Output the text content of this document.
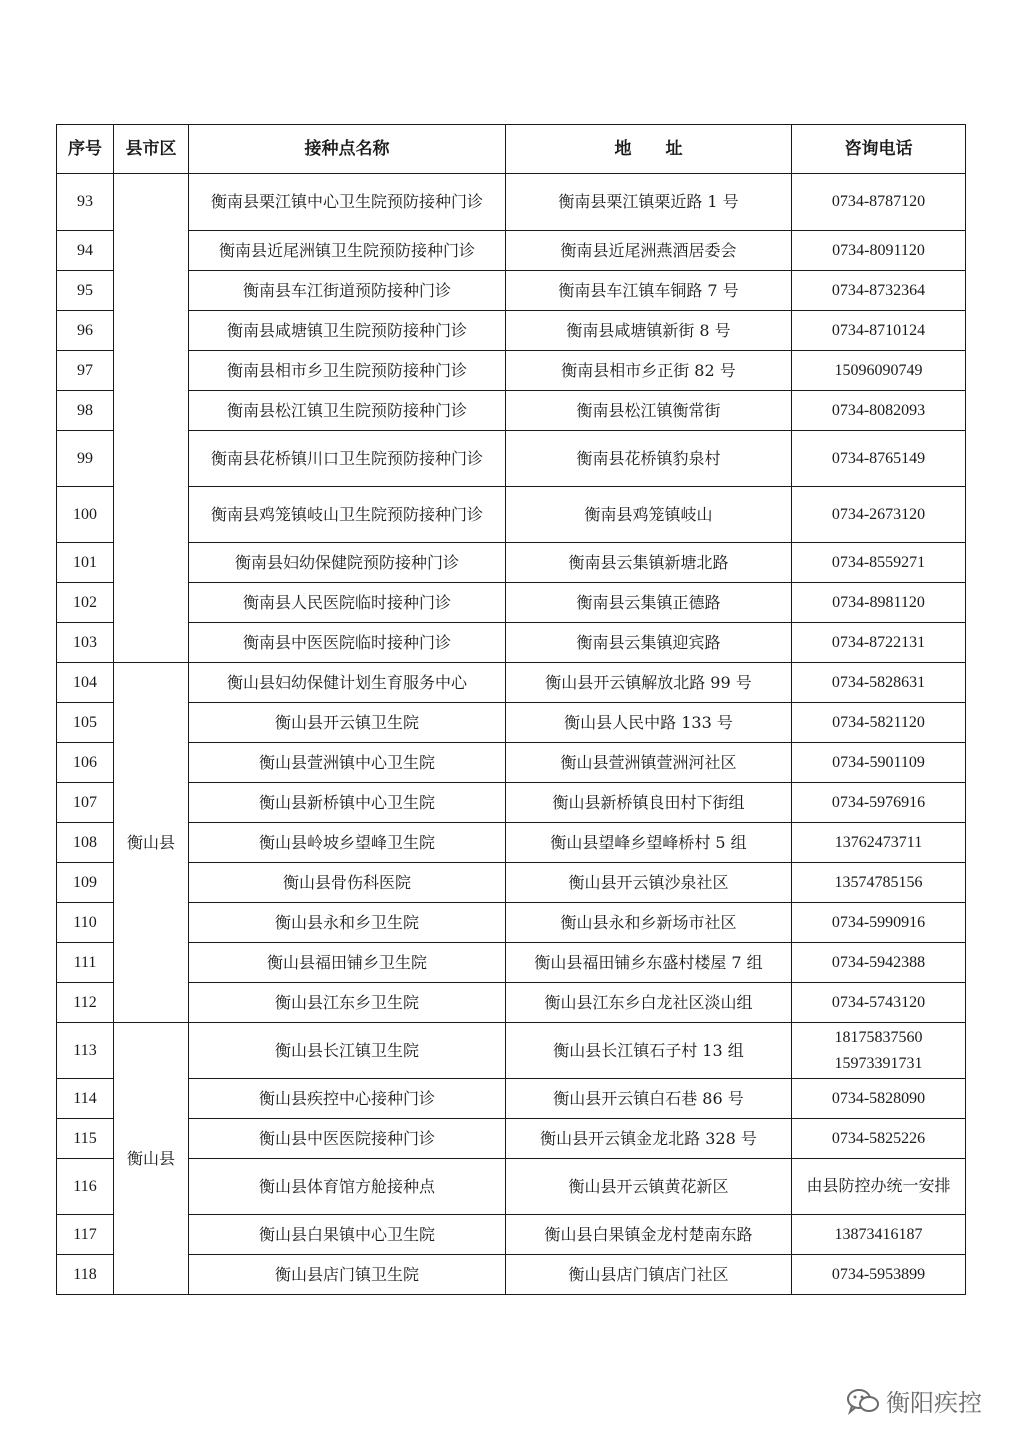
序号	县市区	接种点名称	地　　址	咨询电话
93		衡南县栗江镇中心卫生院预防接种门诊	衡南县栗江镇栗近路 1 号	0734-8787120
94		衡南县近尾洲镇卫生院预防接种门诊	衡南县近尾洲燕酒居委会	0734-8091120
95		衡南县车江街道预防接种门诊	衡南县车江镇车铜路 7 号	0734-8732364
96		衡南县咸塘镇卫生院预防接种门诊	衡南县咸塘镇新街 8 号	0734-8710124
97		衡南县相市乡卫生院预防接种门诊	衡南县相市乡正街 82 号	15096090749
98		衡南县松江镇卫生院预防接种门诊	衡南县松江镇衡常街	0734-8082093
99		衡南县花桥镇川口卫生院预防接种门诊	衡南县花桥镇豹泉村	0734-8765149
100		衡南县鸡笼镇岐山卫生院预防接种门诊	衡南县鸡笼镇岐山	0734-2673120
101		衡南县妇幼保健院预防接种门诊	衡南县云集镇新塘北路	0734-8559271
102		衡南县人民医院临时接种门诊	衡南县云集镇正德路	0734-8981120
103		衡南县中医医院临时接种门诊	衡南县云集镇迎宾路	0734-8722131
104	衡山县	衡山县妇幼保健计划生育服务中心	衡山县开云镇解放北路 99 号	0734-5828631
105		衡山县开云镇卫生院	衡山县人民中路 133 号	0734-5821120
106		衡山县萱洲镇中心卫生院	衡山县萱洲镇萱洲河社区	0734-5901109
107		衡山县新桥镇中心卫生院	衡山县新桥镇良田村下街组	0734-5976916
108		衡山县岭坡乡望峰卫生院	衡山县望峰乡望峰桥村 5 组	13762473711
109		衡山县骨伤科医院	衡山县开云镇沙泉社区	13574785156
110		衡山县永和乡卫生院	衡山县永和乡新场市社区	0734-5990916
111		衡山县福田铺乡卫生院	衡山县福田铺乡东盛村楼屋 7 组	0734-5942388
112		衡山县江东乡卫生院	衡山县江东乡白龙社区淡山组	0734-5743120
113	衡山县	衡山县长江镇卫生院	衡山县长江镇石子村 13 组	18175837560 15973391731
114		衡山县疾控中心接种门诊	衡山县开云镇白石巷 86 号	0734-5828090
115		衡山县中医医院接种门诊	衡山县开云镇金龙北路 328 号	0734-5825226
116		衡山县体育馆方舱接种点	衡山县开云镇黄花新区	由县防控办统一安排
117		衡山县白果镇中心卫生院	衡山县白果镇金龙村楚南东路	13873416187
118		衡山县店门镇卫生院	衡山县店门镇店门社区	0734-5953899
衡阳疾控
